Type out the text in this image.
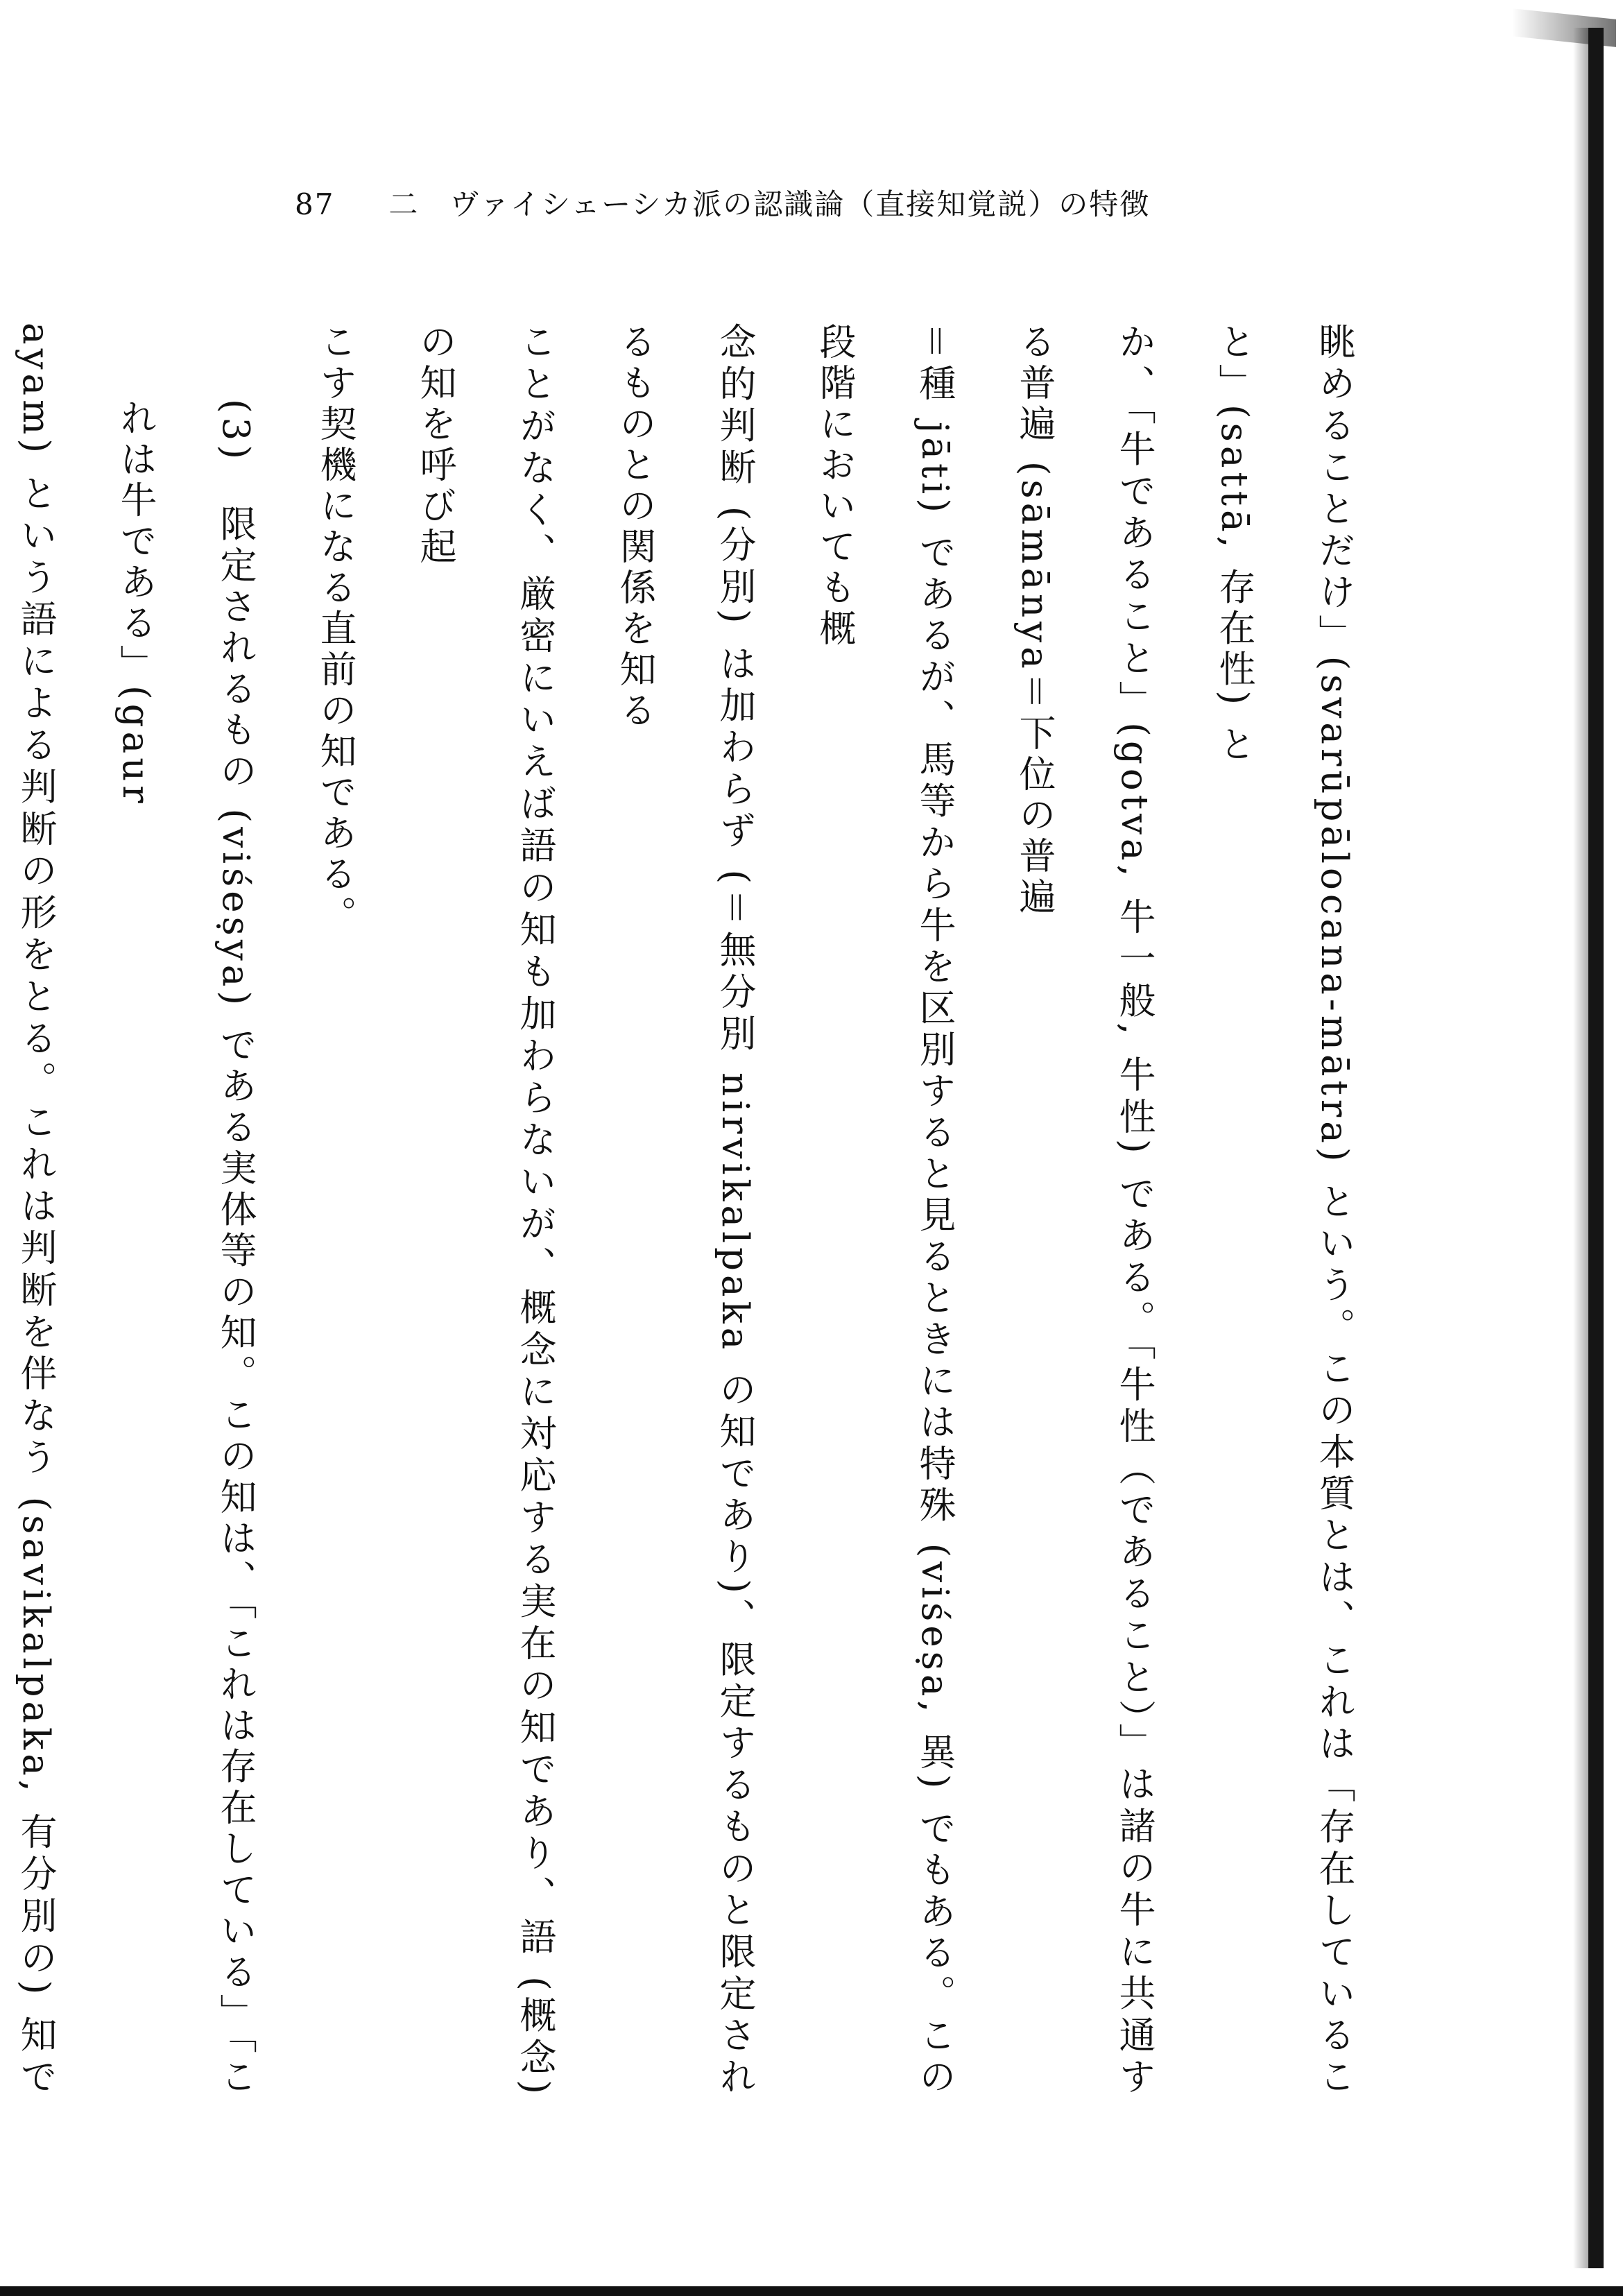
87 二　ヴァイシェーシカ派の認識論（直接知覚説）の特徴
眺めることだけ」(svarūpālocana-mātra) という。この本質とは、これは「存在していること」(sattā, 存在性) と
か、「牛であること」(gotva, 牛一般, 牛性) である。「牛性（であること）」は諸の牛に共通する普遍 (sāmānya＝下位の普遍
＝種 jāti) であるが、馬等から牛を区別すると見るときには特殊 (viśeṣa, 異) でもある。この段階においても概
念的判断 (分別) は加わらず (＝無分別 nirvikalpaka の知であり)、限定するものと限定されるものとの関係を知る
ことがなく、厳密にいえば語の知も加わらないが、概念に対応する実在の知であり、語 (概念) の知を呼び起
こす契機になる直前の知である。
(3)　限定されるもの (viśeṣya) である実体等の知。この知は、「これは存在している」「これは牛である」(gaur
ayam) という語による判断の形をとる。これは判断を伴なう (savikalpaka, 有分別の) 知で
